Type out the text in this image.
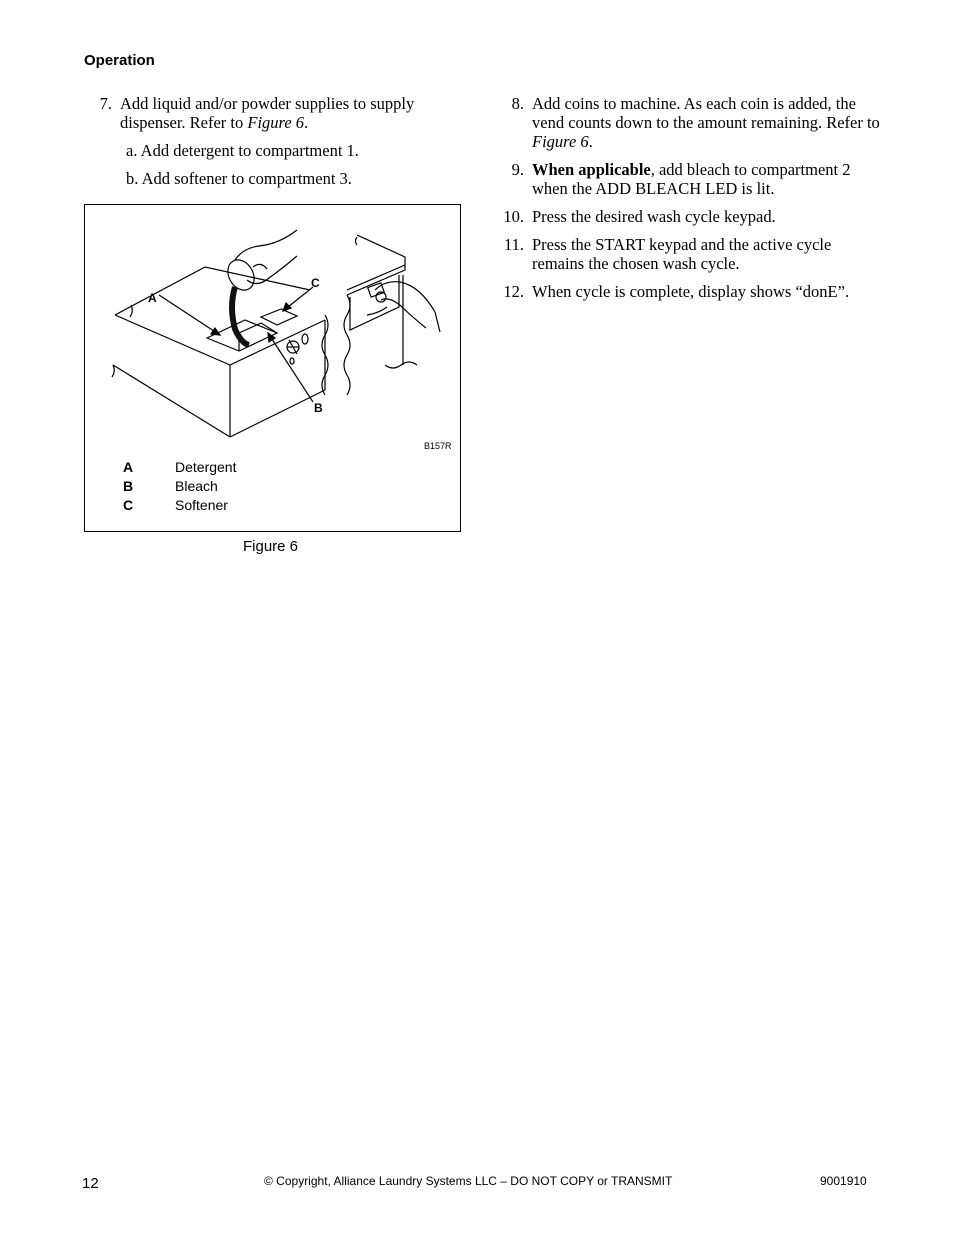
Operation
7. Add liquid and/or powder supplies to supply dispenser. Refer to Figure 6.
a. Add detergent to compartment 1.
b. Add softener to compartment 3.
A
C
B
B157R
A	Detergent
B	Bleach
C	Softener
Figure 6
8. Add coins to machine. As each coin is added, the vend counts down to the amount remaining. Refer to Figure 6.
9. When applicable, add bleach to compartment 2 when the ADD BLEACH LED is lit.
10. Press the desired wash cycle keypad.
11. Press the START keypad and the active cycle remains the chosen wash cycle.
12. When cycle is complete, display shows “donE”.
12	© Copyright, Alliance Laundry Systems LLC – DO NOT COPY or TRANSMIT	9001910
